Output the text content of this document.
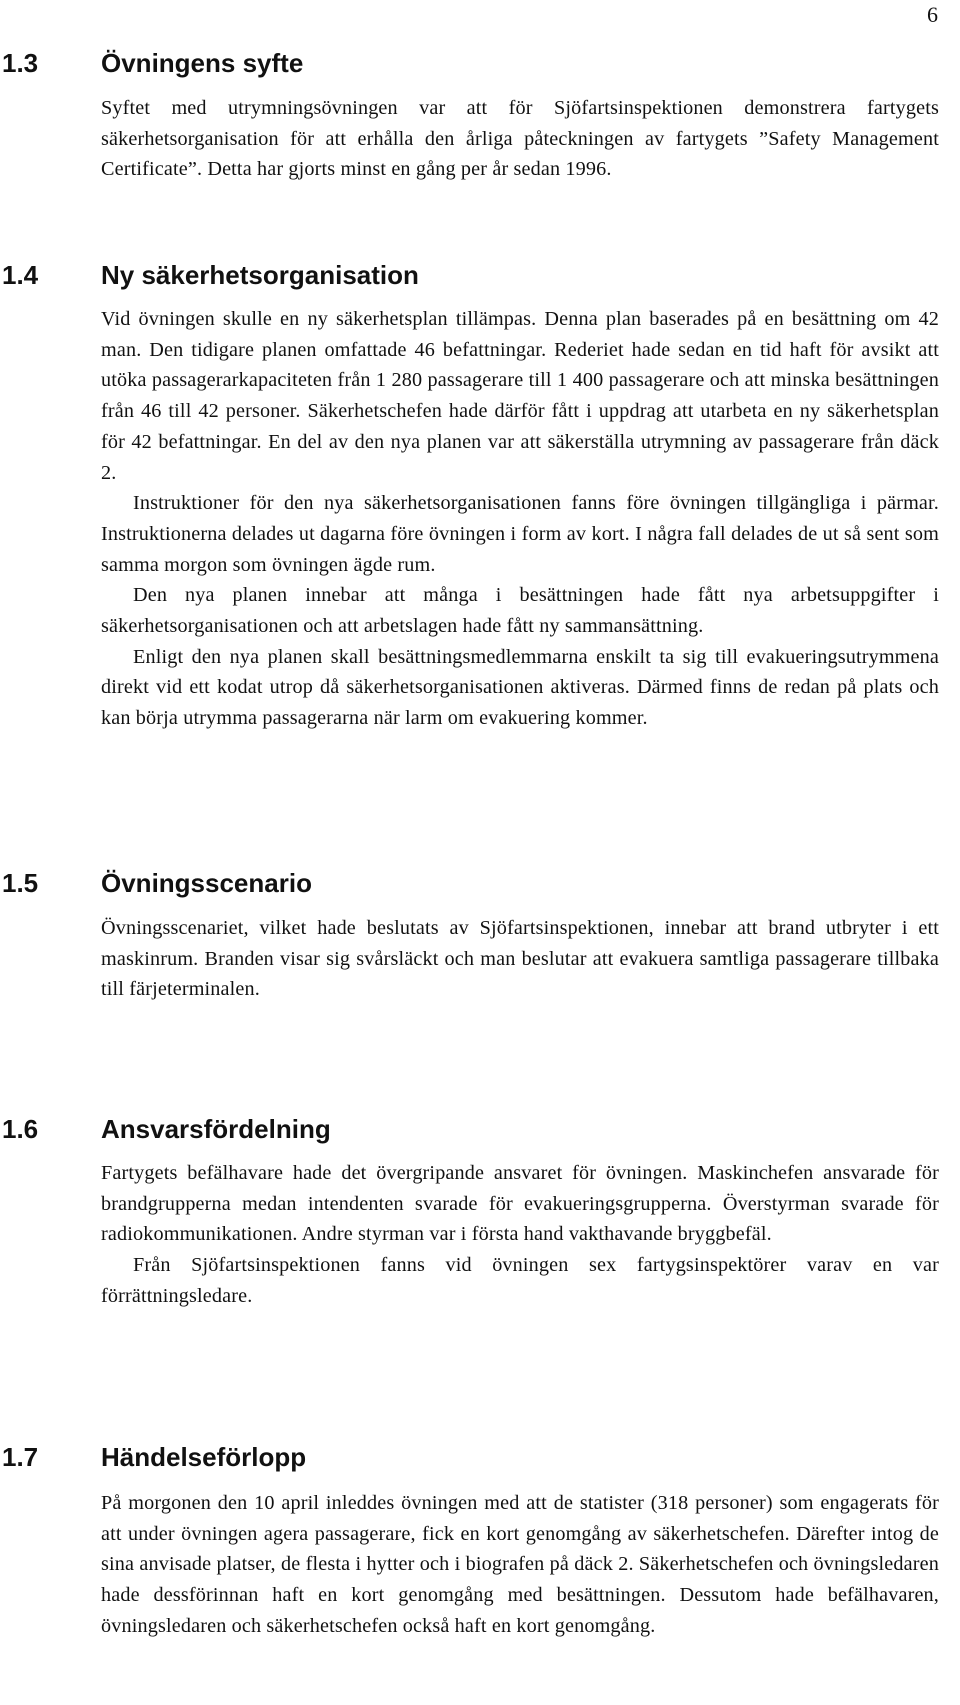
6
1.3 Övningens syfte

Syftet med utrymningsövningen var att för Sjöfartsinspektionen demonstrera fartygets säkerhetsorganisation för att erhålla den årliga påteckningen av fartygets ”Safety Management Certificate”. Detta har gjorts minst en gång per år sedan 1996.

1.4 Ny säkerhetsorganisation

Vid övningen skulle en ny säkerhetsplan tillämpas. Denna plan baserades på en besättning om 42 man. Den tidigare planen omfattade 46 befattningar. Rederiet hade sedan en tid haft för avsikt att utöka passagerarkapaciteten från 1 280 passagerare till 1 400 passagerare och att minska besättningen från 46 till 42 personer. Säkerhetschefen hade därför fått i uppdrag att utarbeta en ny säkerhetsplan för 42 befattningar. En del av den nya planen var att säkerställa utrymning av passagerare från däck 2.

Instruktioner för den nya säkerhetsorganisationen fanns före övningen tillgängliga i pärmar. Instruktionerna delades ut dagarna före övningen i form av kort. I några fall delades de ut så sent som samma morgon som övningen ägde rum.

Den nya planen innebar att många i besättningen hade fått nya arbetsuppgifter i säkerhetsorganisationen och att arbetslagen hade fått ny sammansättning.

Enligt den nya planen skall besättningsmedlemmarna enskilt ta sig till evakueringsutrymmena direkt vid ett kodat utrop då säkerhetsorganisationen aktiveras. Därmed finns de redan på plats och kan börja utrymma passagerarna när larm om evakuering kommer.

1.5 Övningsscenario

Övningsscenariet, vilket hade beslutats av Sjöfartsinspektionen, innebar att brand utbryter i ett maskinrum. Branden visar sig svårsläckt och man beslutar att evakuera samtliga passagerare tillbaka till färjeterminalen.

1.6 Ansvarsfördelning

Fartygets befälhavare hade det övergripande ansvaret för övningen. Maskinchefen ansvarade för brandgrupperna medan intendenten svarade för evakueringsgrupperna. Överstyrman svarade för radiokommunikationen. Andre styrman var i första hand vakthavande bryggbefäl.

Från Sjöfartsinspektionen fanns vid övningen sex fartygsinspektörer varav en var förrättningsledare.

1.7 Händelseförlopp

På morgonen den 10 april inleddes övningen med att de statister (318 personer) som engagerats för att under övningen agera passagerare, fick en kort genomgång av säkerhetschefen. Därefter intog de sina anvisade platser, de flesta i hytter och i biografen på däck 2. Säkerhetschefen och övningsledaren hade dessförinnan haft en kort genomgång med besättningen. Dessutom hade befälhavaren, övningsledaren och säkerhetschefen också haft en kort genomgång.
